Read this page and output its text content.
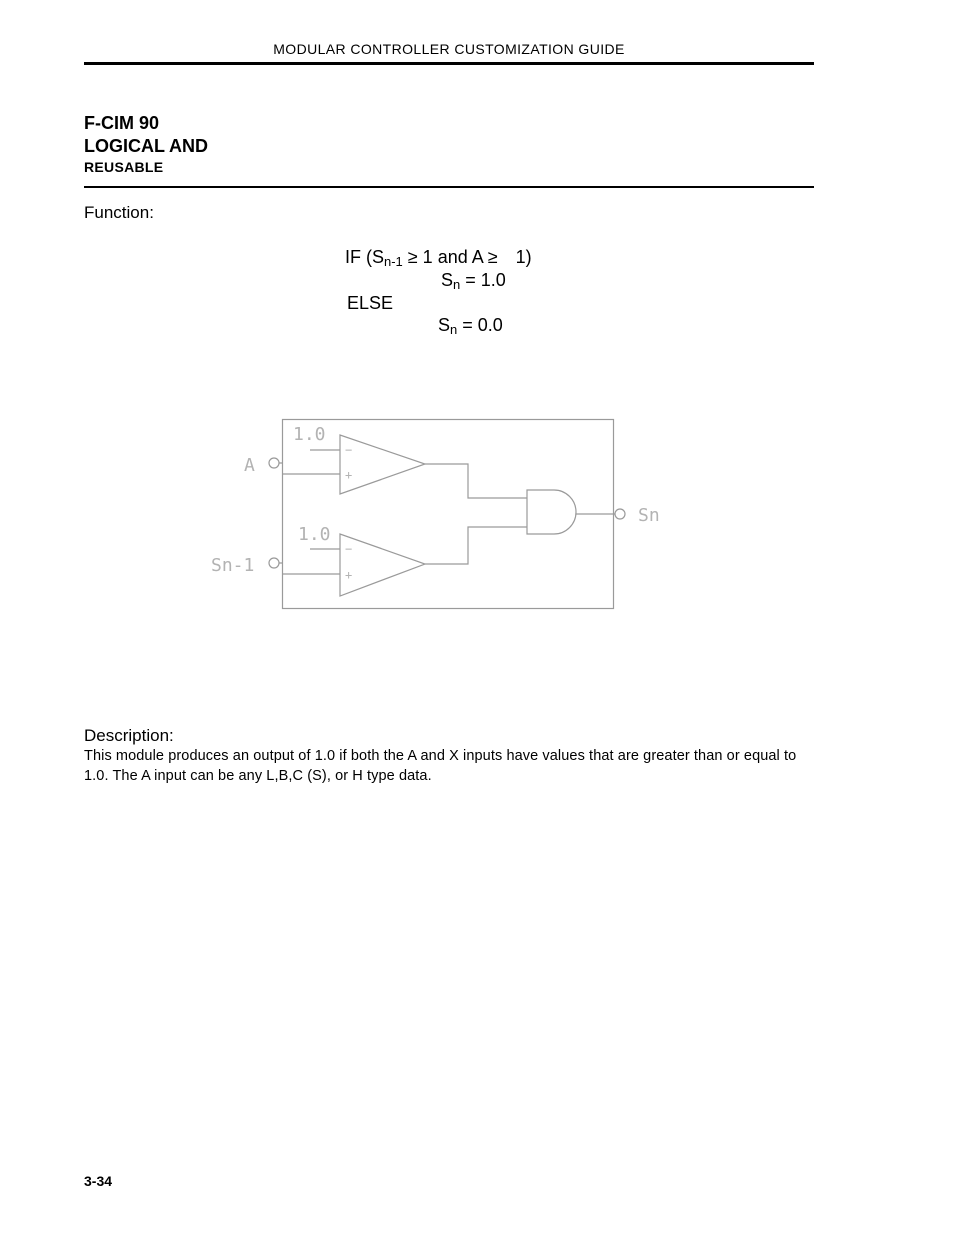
MODULAR CONTROLLER CUSTOMIZATION GUIDE
F-CIM 90
LOGICAL AND
REUSABLE
Function:
IF ($S_{n-1} \ge 1$ and A ≥ 1)
$S_n = 1.0$
ELSE
$S_n = 0.0$
1.0
1.0
A
Sn-1
Sn
−
+
−
+
Description:
This module produces an output of 1.0 if both the A and X inputs have values that are greater than or equal to 1.0. The A input can be any L,B,C (S), or H type data.
3-34
